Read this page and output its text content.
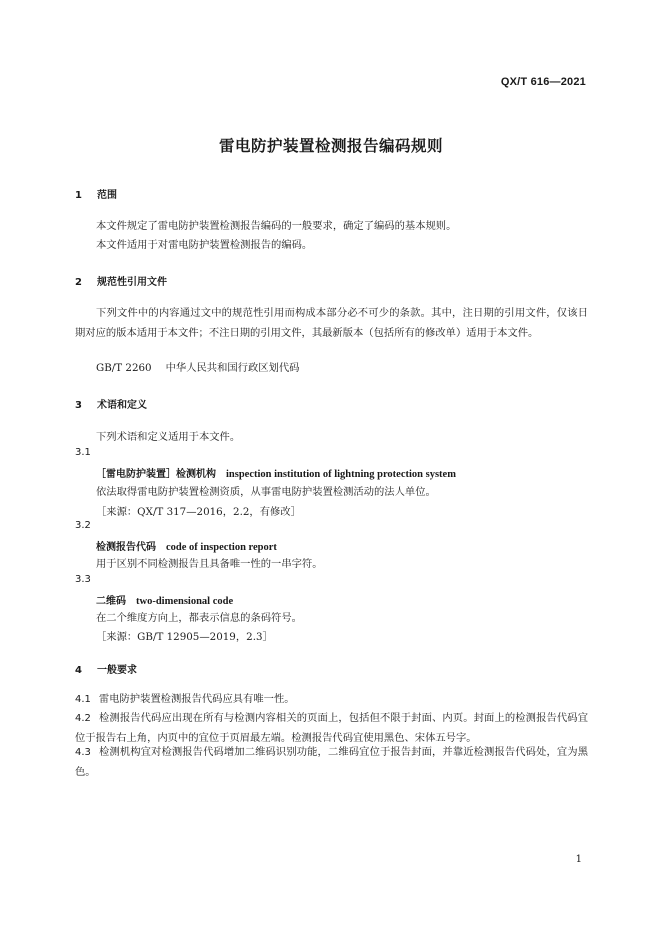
QX/T 616—2021
雷电防护装置检测报告编码规则
1 范围
本文件规定了雷电防护装置检测报告编码的一般要求，确定了编码的基本规则。
本文件适用于对雷电防护装置检测报告的编码。
2 规范性引用文件
下列文件中的内容通过文中的规范性引用而构成本部分必不可少的条款。其中，注日期的引用文件，仅该日期对应的版本适用于本文件；不注日期的引用文件，其最新版本（包括所有的修改单）适用于本文件。
GB/T 2260 中华人民共和国行政区划代码
3 术语和定义
下列术语和定义适用于本文件。
3.1
［雷电防护装置］检测机构 inspection institution of lightning protection system
依法取得雷电防护装置检测资质，从事雷电防护装置检测活动的法人单位。
［来源：QX/T 317—2016，2.2，有修改］
3.2
检测报告代码 code of inspection report
用于区别不同检测报告且具备唯一性的一串字符。
3.3
二维码 two-dimensional code
在二个维度方向上，都表示信息的条码符号。
［来源：GB/T 12905—2019，2.3］
4 一般要求
4.1 雷电防护装置检测报告代码应具有唯一性。
4.2 检测报告代码应出现在所有与检测内容相关的页面上，包括但不限于封面、内页。封面上的检测报告代码宜位于报告右上角，内页中的宜位于页眉最左端。检测报告代码宜使用黑色、宋体五号字。
4.3 检测机构宜对检测报告代码增加二维码识别功能，二维码宜位于报告封面，并靠近检测报告代码处，宜为黑色。
1
